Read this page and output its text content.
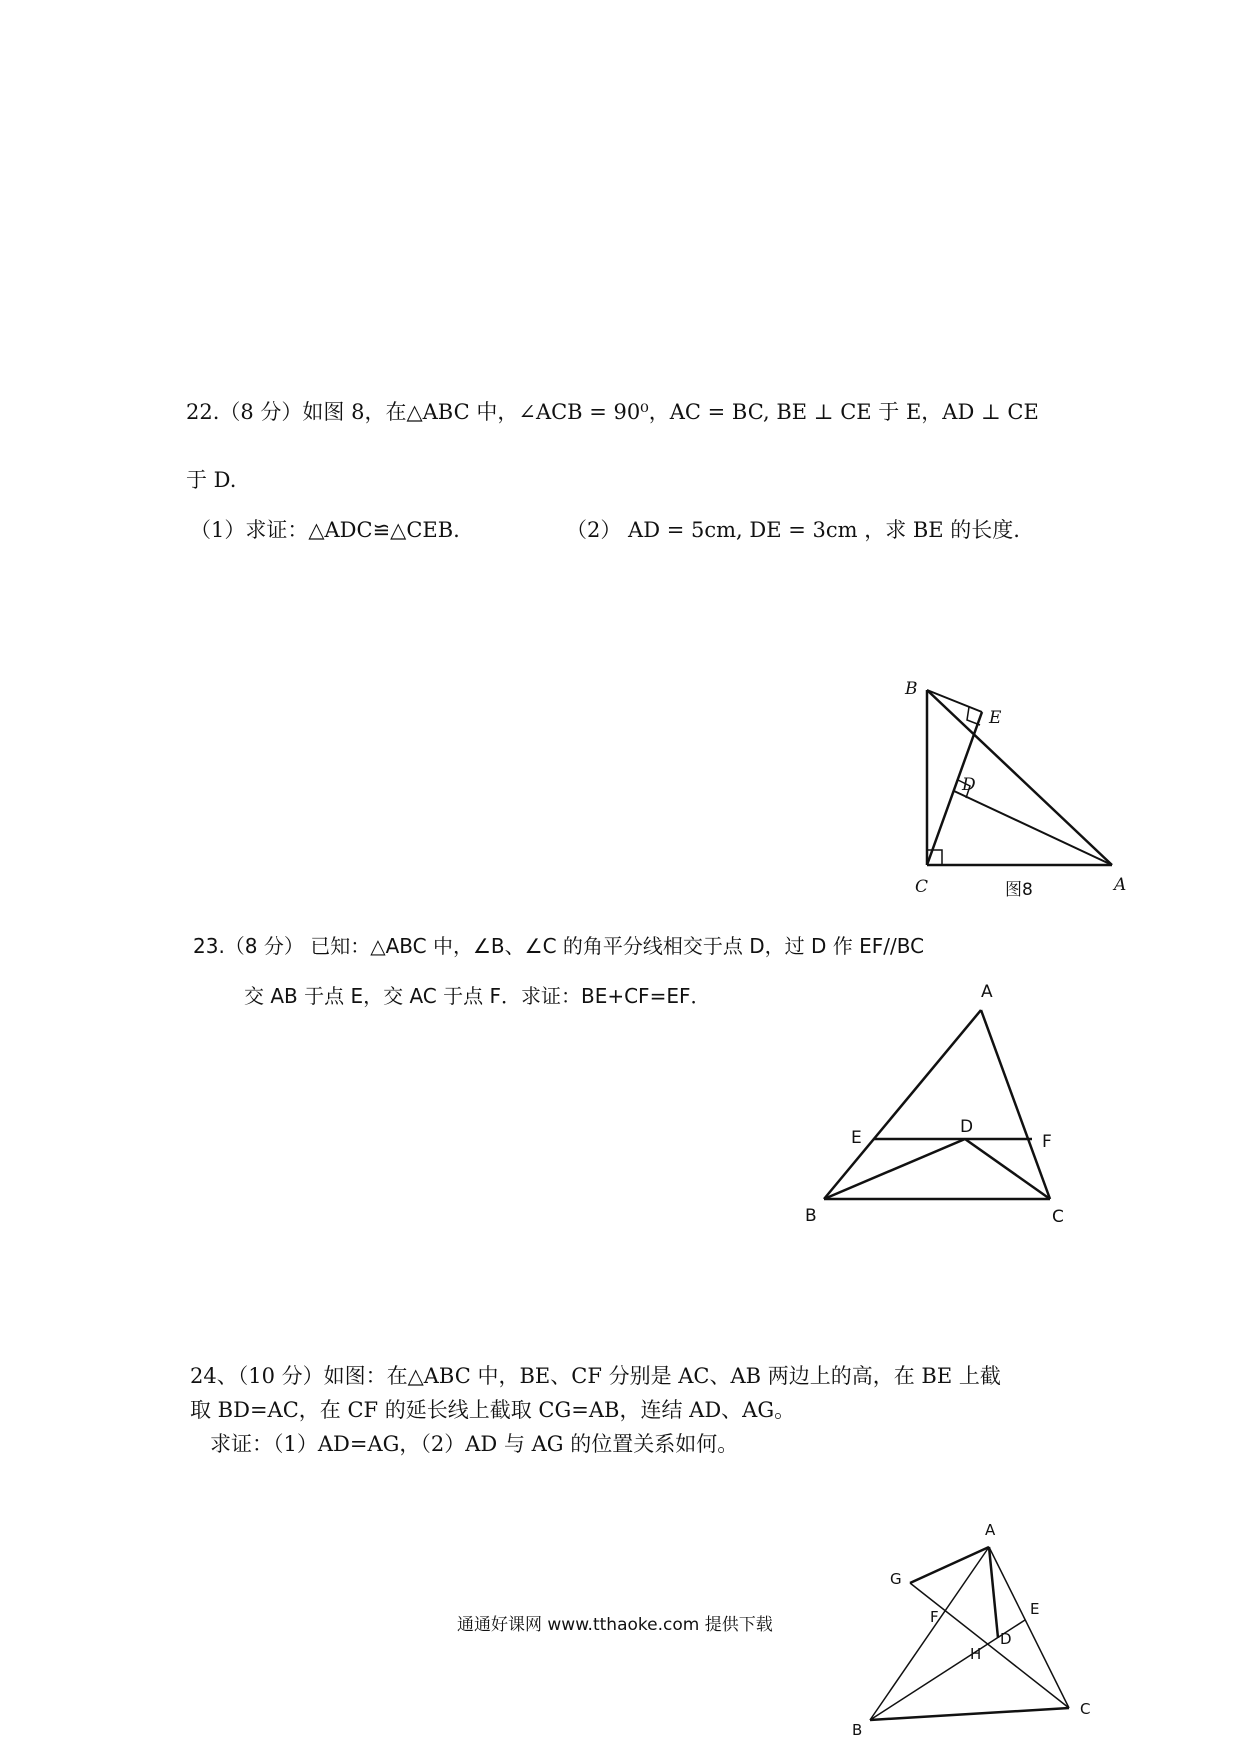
22.（8 分）如图 8，在△ABC 中，∠ACB = 90⁰，AC = BC, BE ⊥ CE 于 E，AD ⊥ CE
于 D.
（1）求证：△ADC≌△CEB.	（2） AD = 5cm, DE = 3cm ，求 BE 的长度.
B
E
D
C	A
图8
23.（8 分） 已知：△ABC 中，∠B、∠C 的角平分线相交于点 D，过 D 作 EF//BC
交 AB 于点 E，交 AC 于点 F．求证：BE+CF=EF．	A
E
D
F
B	C
24、（10 分）如图：在△ABC 中，BE、CF 分别是 AC、AB 两边上的高，在 BE 上截
取 BD=AC，在 CF 的延长线上截取 CG=AB，连结 AD、AG。
求证：（1）AD=AG，（2）AD 与 AG 的位置关系如何。
A
G
E
F
D
H
C
B
通通好课网 www.tthaoke.com 提供下载
